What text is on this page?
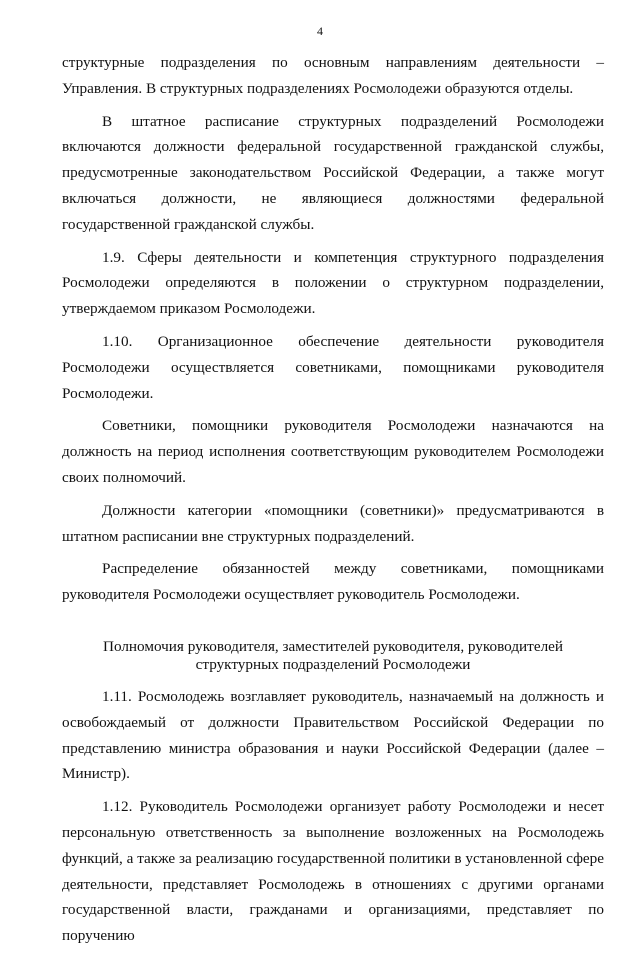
4

структурные подразделения по основным направлениям деятельности – Управления. В структурных подразделениях Росмолодежи образуются отделы.

В штатное расписание структурных подразделений Росмолодежи включаются должности федеральной государственной гражданской службы, предусмотренные законодательством Российской Федерации, а также могут включаться должности, не являющиеся должностями федеральной государственной гражданской службы.

1.9. Сферы деятельности и компетенция структурного подразделения Росмолодежи определяются в положении о структурном подразделении, утверждаемом приказом Росмолодежи.

1.10. Организационное обеспечение деятельности руководителя Росмолодежи осуществляется советниками, помощниками руководителя Росмолодежи.

Советники, помощники руководителя Росмолодежи назначаются на должность на период исполнения соответствующим руководителем Росмолодежи своих полномочий.

Должности категории «помощники (советники)» предусматриваются в штатном расписании вне структурных подразделений.

Распределение обязанностей между советниками, помощниками руководителя Росмолодежи осуществляет руководитель Росмолодежи.

Полномочия руководителя, заместителей руководителя, руководителей
структурных подразделений Росмолодежи

1.11. Росмолодежь возглавляет руководитель, назначаемый на должность и освобождаемый от должности Правительством Российской Федерации по представлению министра образования и науки Российской Федерации (далее – Министр).

1.12. Руководитель Росмолодежи организует работу Росмолодежи и несет персональную ответственность за выполнение возложенных на Росмолодежь функций, а также за реализацию государственной политики в установленной сфере деятельности, представляет Росмолодежь в отношениях с другими органами государственной власти, гражданами и организациями, представляет по поручению
